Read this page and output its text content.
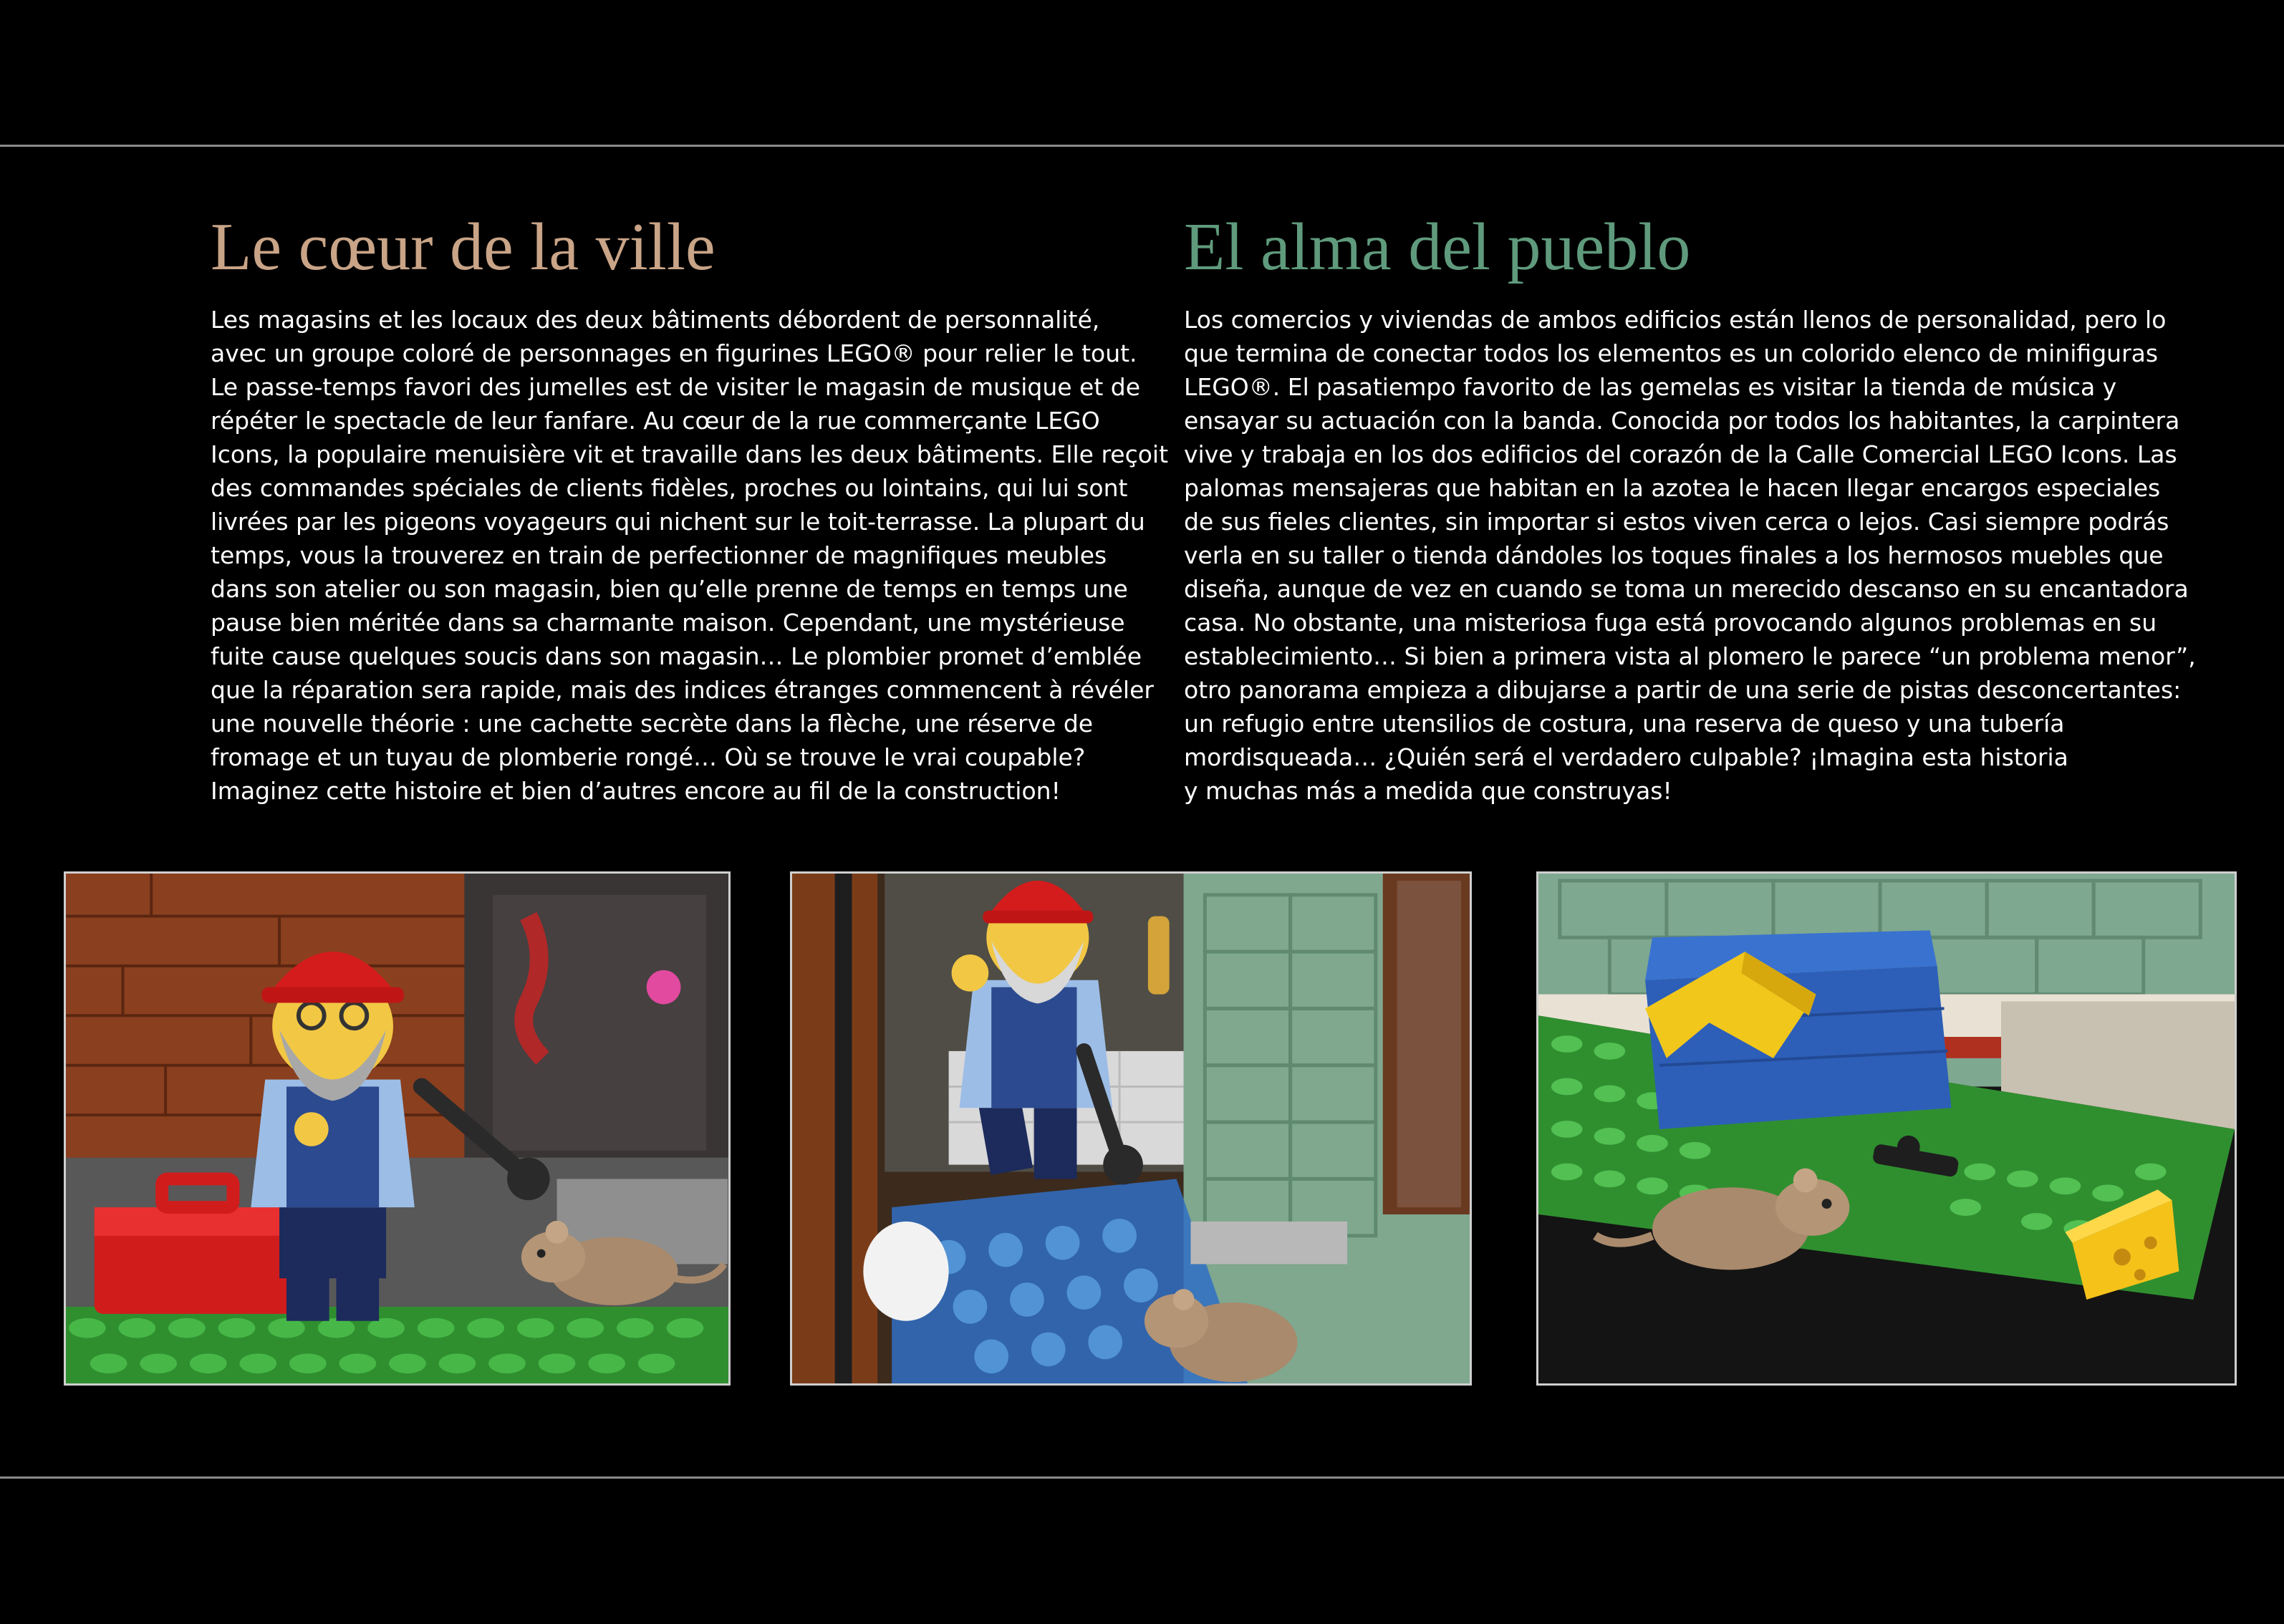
Le cœur de la ville

Les magasins et les locaux des deux bâtiments débordent de personnalité,
avec un groupe coloré de personnages en figurines LEGO® pour relier le tout.
Le passe-temps favori des jumelles est de visiter le magasin de musique et de
répéter le spectacle de leur fanfare. Au cœur de la rue commerçante LEGO
Icons, la populaire menuisière vit et travaille dans les deux bâtiments. Elle reçoit
des commandes spéciales de clients fidèles, proches ou lointains, qui lui sont
livrées par les pigeons voyageurs qui nichent sur le toit-terrasse. La plupart du
temps, vous la trouverez en train de perfectionner de magnifiques meubles
dans son atelier ou son magasin, bien qu’elle prenne de temps en temps une
pause bien méritée dans sa charmante maison. Cependant, une mystérieuse
fuite cause quelques soucis dans son magasin… Le plombier promet d’emblée
que la réparation sera rapide, mais des indices étranges commencent à révéler
une nouvelle théorie : une cachette secrète dans la flèche, une réserve de
fromage et un tuyau de plomberie rongé… Où se trouve le vrai coupable?
Imaginez cette histoire et bien d’autres encore au fil de la construction!

El alma del pueblo

Los comercios y viviendas de ambos edificios están llenos de personalidad, pero lo
que termina de conectar todos los elementos es un colorido elenco de minifiguras
LEGO®. El pasatiempo favorito de las gemelas es visitar la tienda de música y
ensayar su actuación con la banda. Conocida por todos los habitantes, la carpintera
vive y trabaja en los dos edificios del corazón de la Calle Comercial LEGO Icons. Las
palomas mensajeras que habitan en la azotea le hacen llegar encargos especiales
de sus fieles clientes, sin importar si estos viven cerca o lejos. Casi siempre podrás
verla en su taller o tienda dándoles los toques finales a los hermosos muebles que
diseña, aunque de vez en cuando se toma un merecido descanso en su encantadora
casa. No obstante, una misteriosa fuga está provocando algunos problemas en su
establecimiento… Si bien a primera vista al plomero le parece “un problema menor”,
otro panorama empieza a dibujarse a partir de una serie de pistas desconcertantes:
un refugio entre utensilios de costura, una reserva de queso y una tubería
mordisqueada… ¿Quién será el verdadero culpable? ¡Imagina esta historia
y muchas más a medida que construyas!
